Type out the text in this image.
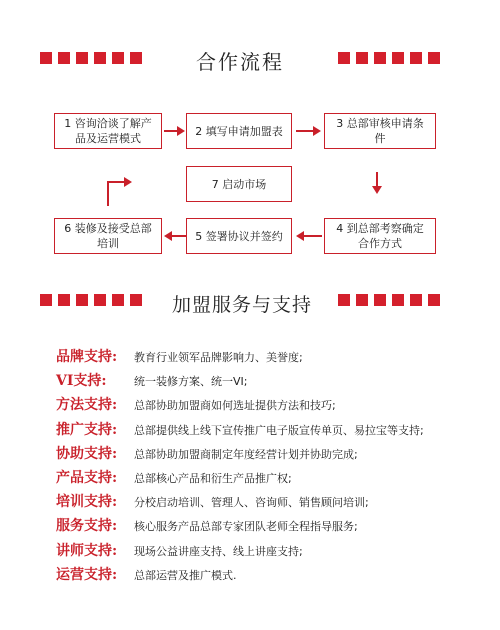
合作流程
1 咨询洽谈了解产品及运营模式
2 填写申请加盟表
3 总部审核申请条件
7 启动市场
6 装修及接受总部培训
5 签署协议并签约
4 到总部考察确定合作方式
加盟服务与支持
品牌支持:	教育行业领军品牌影响力、美誉度;
VI支持:	统一装修方案、统一VI;
方法支持:	总部协助加盟商如何选址提供方法和技巧;
推广支持:	总部提供线上线下宣传推广电子版宣传单页、易拉宝等支持;
协助支持:	总部协助加盟商制定年度经营计划并协助完成;
产品支持:	总部核心产品和衍生产品推广权;
培训支持:	分校启动培训、管理人、咨询师、销售顾问培训;
服务支持:	核心服务产品总部专家团队老师全程指导服务;
讲师支持:	现场公益讲座支持、线上讲座支持;
运营支持:	总部运营及推广模式.
